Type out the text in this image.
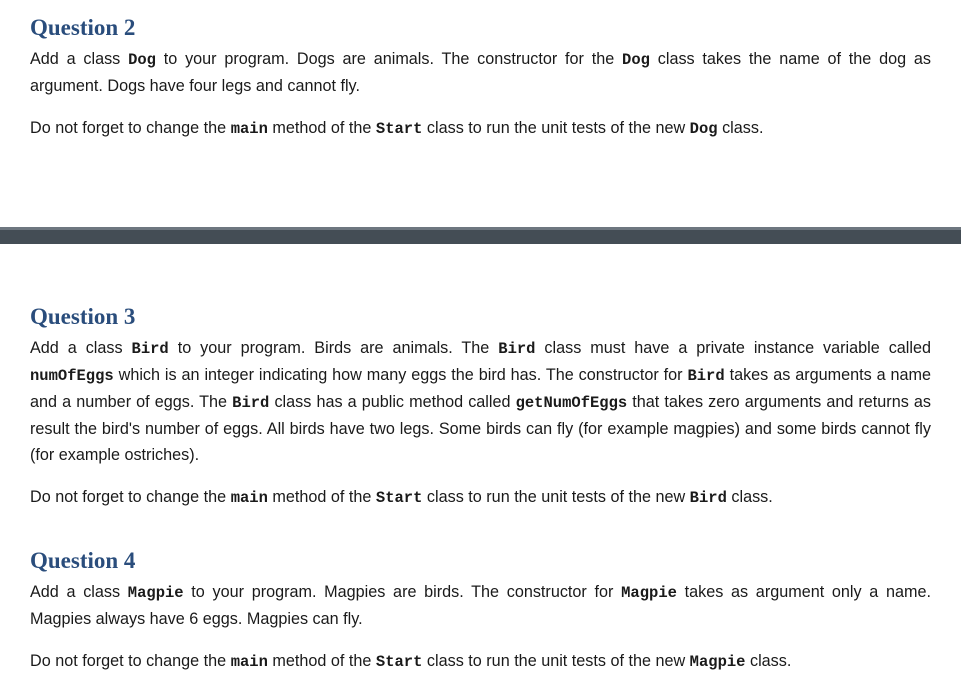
Question 2

Add a class Dog to your program. Dogs are animals. The constructor for the Dog class takes the name of the dog as argument. Dogs have four legs and cannot fly.

Do not forget to change the main method of the Start class to run the unit tests of the new Dog class.

Question 3

Add a class Bird to your program. Birds are animals. The Bird class must have a private instance variable called numOfEggs which is an integer indicating how many eggs the bird has. The constructor for Bird takes as arguments a name and a number of eggs. The Bird class has a public method called getNumOfEggs that takes zero arguments and returns as result the bird's number of eggs. All birds have two legs. Some birds can fly (for example magpies) and some birds cannot fly (for example ostriches).

Do not forget to change the main method of the Start class to run the unit tests of the new Bird class.

Question 4

Add a class Magpie to your program. Magpies are birds. The constructor for Magpie takes as argument only a name. Magpies always have 6 eggs. Magpies can fly.

Do not forget to change the main method of the Start class to run the unit tests of the new Magpie class.
